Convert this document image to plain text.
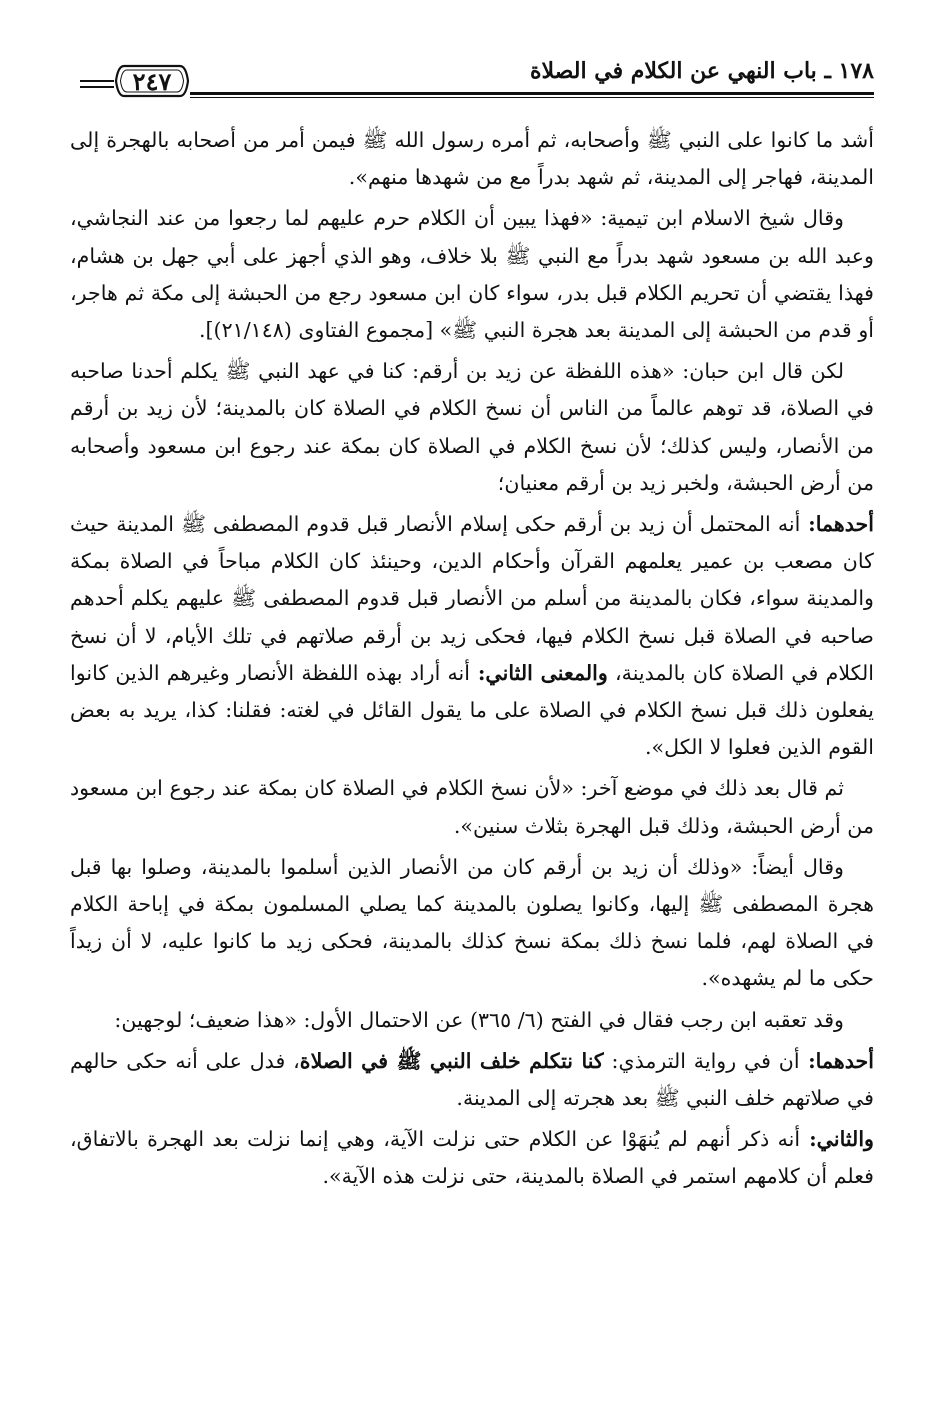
١٧٨ ـ باب النهي عن الكلام في الصلاة
٢٤٧

أشد ما كانوا على النبي ﷺ وأصحابه، ثم أمره رسول الله ﷺ فيمن أمر من أصحابه بالهجرة إلى المدينة، فهاجر إلى المدينة، ثم شهد بدراً مع من شهدها منهم».

وقال شيخ الاسلام ابن تيمية: «فهذا يبين أن الكلام حرم عليهم لما رجعوا من عند النجاشي، وعبد الله بن مسعود شهد بدراً مع النبي ﷺ بلا خلاف، وهو الذي أجهز على أبي جهل بن هشام، فهذا يقتضي أن تحريم الكلام قبل بدر، سواء كان ابن مسعود رجع من الحبشة إلى مكة ثم هاجر، أو قدم من الحبشة إلى المدينة بعد هجرة النبي ﷺ» [مجموع الفتاوى (٢١/١٤٨)].

لكن قال ابن حبان: «هذه اللفظة عن زيد بن أرقم: كنا في عهد النبي ﷺ يكلم أحدنا صاحبه في الصلاة، قد توهم عالماً من الناس أن نسخ الكلام في الصلاة كان بالمدينة؛ لأن زيد بن أرقم من الأنصار، وليس كذلك؛ لأن نسخ الكلام في الصلاة كان بمكة عند رجوع ابن مسعود وأصحابه من أرض الحبشة، ولخبر زيد بن أرقم معنيان؛

أحدهما: أنه المحتمل أن زيد بن أرقم حكى إسلام الأنصار قبل قدوم المصطفى ﷺ المدينة حيث كان مصعب بن عمير يعلمهم القرآن وأحكام الدين، وحينئذ كان الكلام مباحاً في الصلاة بمكة والمدينة سواء، فكان بالمدينة من أسلم من الأنصار قبل قدوم المصطفى ﷺ عليهم يكلم أحدهم صاحبه في الصلاة قبل نسخ الكلام فيها، فحكى زيد بن أرقم صلاتهم في تلك الأيام، لا أن نسخ الكلام في الصلاة كان بالمدينة، والمعنى الثاني: أنه أراد بهذه اللفظة الأنصار وغيرهم الذين كانوا يفعلون ذلك قبل نسخ الكلام في الصلاة على ما يقول القائل في لغته: فقلنا: كذا، يريد به بعض القوم الذين فعلوا لا الكل».

ثم قال بعد ذلك في موضع آخر: «لأن نسخ الكلام في الصلاة كان بمكة عند رجوع ابن مسعود من أرض الحبشة، وذلك قبل الهجرة بثلاث سنين».

وقال أيضاً: «وذلك أن زيد بن أرقم كان من الأنصار الذين أسلموا بالمدينة، وصلوا بها قبل هجرة المصطفى ﷺ إليها، وكانوا يصلون بالمدينة كما يصلي المسلمون بمكة في إباحة الكلام في الصلاة لهم، فلما نسخ ذلك بمكة نسخ كذلك بالمدينة، فحكى زيد ما كانوا عليه، لا أن زيداً حكى ما لم يشهده».

وقد تعقبه ابن رجب فقال في الفتح (٦/ ٣٦٥) عن الاحتمال الأول: «هذا ضعيف؛ لوجهين:

أحدهما: أن في رواية الترمذي: كنا نتكلم خلف النبي ﷺ في الصلاة، فدل على أنه حكى حالهم في صلاتهم خلف النبي ﷺ بعد هجرته إلى المدينة.

والثاني: أنه ذكر أنهم لم يُنهَوْا عن الكلام حتى نزلت الآية، وهي إنما نزلت بعد الهجرة بالاتفاق، فعلم أن كلامهم استمر في الصلاة بالمدينة، حتى نزلت هذه الآية».
